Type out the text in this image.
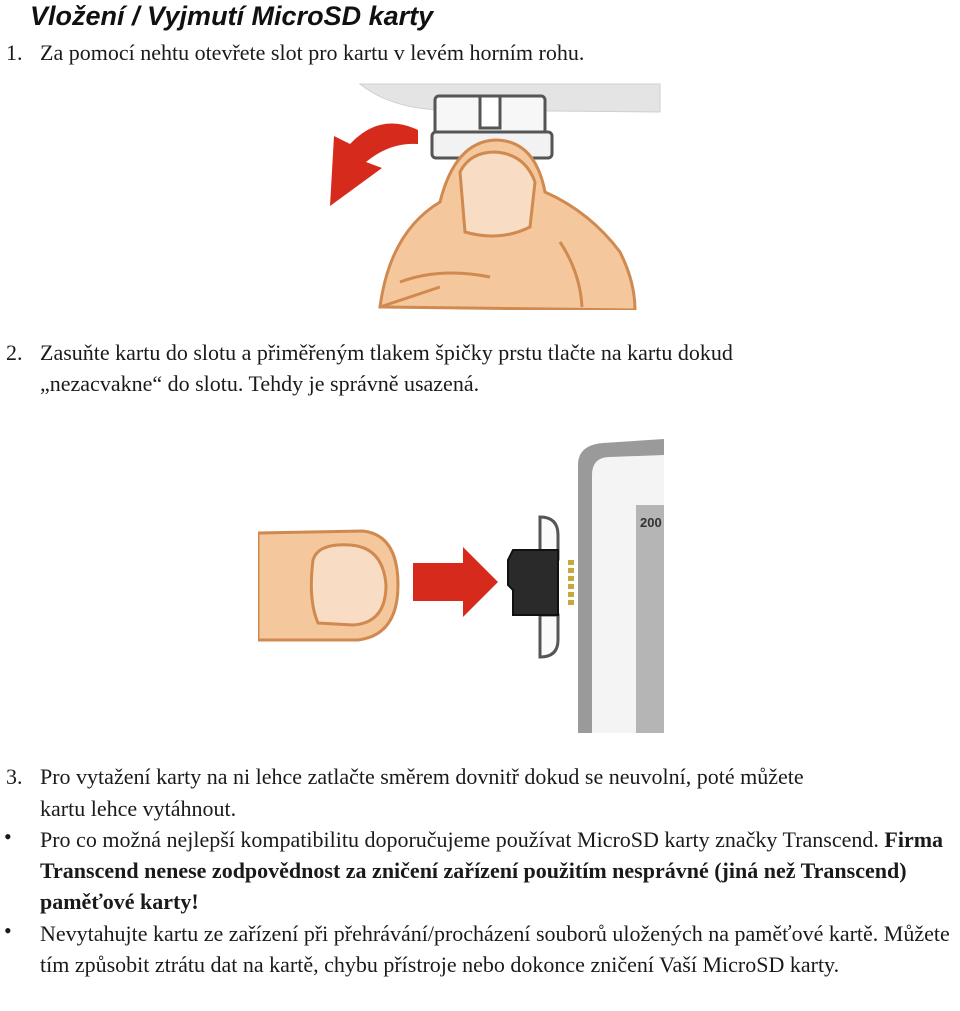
Vložení / Vyjmutí MicroSD karty
1. Za pomocí nehtu otevřete slot pro kartu v levém horním rohu.
2. Zasuňte kartu do slotu a přiměřeným tlakem špičky prstu tlačte na kartu dokud
„nezacvakne“ do slotu. Tehdy je správně usazená.
200
3. Pro vytažení karty na ni lehce zatlačte směrem dovnitř dokud se neuvolní, poté můžete
kartu lehce vytáhnout.
• Pro co možná nejlepší kompatibilitu doporučujeme používat MicroSD karty značky Transcend. Firma Transcend nenese zodpovědnost za zničení zařízení použitím nesprávné (jiná než Transcend) paměťové karty!
• Nevytahujte kartu ze zařízení při přehrávání/procházení souborů uložených na paměťové kartě. Můžete tím způsobit ztrátu dat na kartě, chybu přístroje nebo dokonce zničení Vaší MicroSD karty.
